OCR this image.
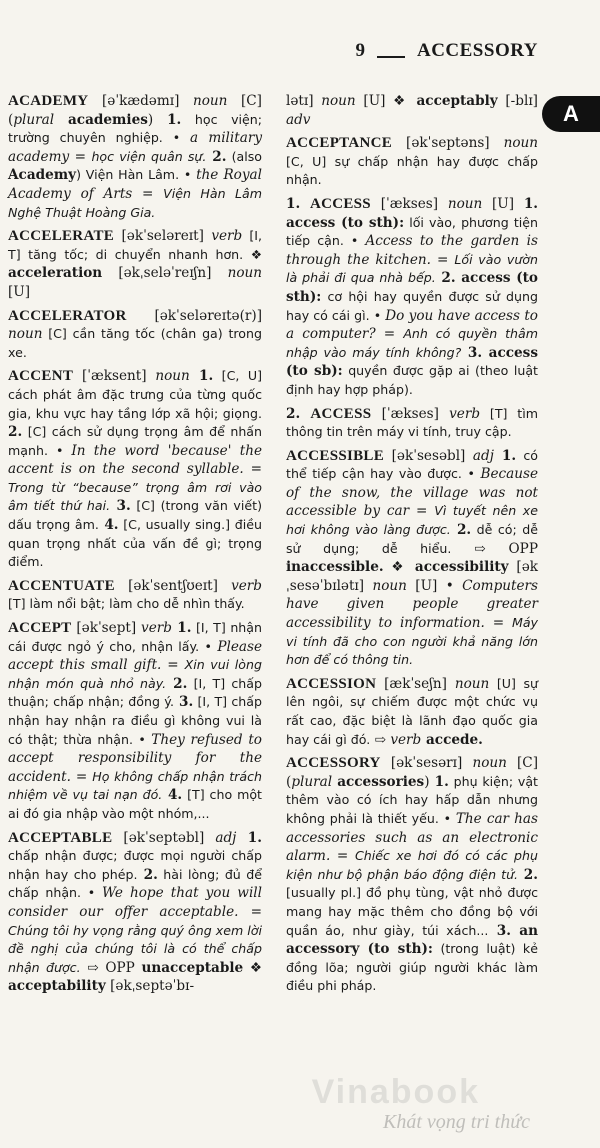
9	ACCESSORY
A
ACADEMY [əˈkædəmɪ] noun [C] (plural academies) 1. học viện; trường chuyên nghiệp. • a military academy = học viện quân sự. 2. (also Academy) Viện Hàn Lâm. • the Royal Academy of Arts = Viện Hàn Lâm Nghệ Thuật Hoàng Gia.
ACCELERATE [əkˈseləreɪt] verb [I, T] tăng tốc; di chuyển nhanh hơn. ❖ acceleration [əkˌseləˈreɪʃn] noun [U]
ACCELERATOR [əkˈseləreɪtə(r)] noun [C] cần tăng tốc (chân ga) trong xe.
ACCENT [ˈæksent] noun 1. [C, U] cách phát âm đặc trưng của từng quốc gia, khu vực hay tầng lớp xã hội; giọng. 2. [C] cách sử dụng trọng âm để nhấn mạnh. • In the word 'because' the accent is on the second syllable. = Trong từ “because” trọng âm rơi vào âm tiết thứ hai. 3. [C] (trong văn viết) dấu trọng âm. 4. [C, usually sing.] điều quan trọng nhất của vấn đề gì; trọng điểm.
ACCENTUATE [əkˈsentʃʊeɪt] verb [T] làm nổi bật; làm cho dễ nhìn thấy.
ACCEPT [əkˈsept] verb 1. [I, T] nhận cái được ngỏ ý cho, nhận lấy. • Please accept this small gift. = Xin vui lòng nhận món quà nhỏ này. 2. [I, T] chấp thuận; chấp nhận; đồng ý. 3. [I, T] chấp nhận hay nhận ra điều gì không vui là có thật; thừa nhận. • They refused to accept responsibility for the accident. = Họ không chấp nhận trách nhiệm về vụ tai nạn đó. 4. [T] cho một ai đó gia nhập vào một nhóm,...
ACCEPTABLE [əkˈseptəbl] adj 1. chấp nhận được; được mọi người chấp nhận hay cho phép. 2. hài lòng; đủ để chấp nhận. • We hope that you will consider our offer acceptable. = Chúng tôi hy vọng rằng quý ông xem lời đề nghị của chúng tôi là có thể chấp nhận được. ⇨ OPP unacceptable ❖ acceptability [əkˌseptəˈbɪ-
lətɪ] noun [U] ❖ acceptably [-blɪ] adv
ACCEPTANCE [əkˈseptəns] noun [C, U] sự chấp nhận hay được chấp nhận.
1. ACCESS [ˈækses] noun [U] 1. access (to sth): lối vào, phương tiện tiếp cận. • Access to the garden is through the kitchen. = Lối vào vườn là phải đi qua nhà bếp. 2. access (to sth): cơ hội hay quyền được sử dụng hay có cái gì. • Do you have access to a computer? = Anh có quyền thâm nhập vào máy tính không? 3. access (to sb): quyền được gặp ai (theo luật định hay hợp pháp).
2. ACCESS [ˈækses] verb [T] tìm thông tin trên máy vi tính, truy cập.
ACCESSIBLE [əkˈsesəbl] adj 1. có thể tiếp cận hay vào được. • Because of the snow, the village was not accessible by car = Vì tuyết nên xe hơi không vào làng được. 2. dễ có; dễ sử dụng; dễ hiểu. ⇨ OPP inaccessible. ❖ accessibility [əkˌsesəˈbɪlətɪ] noun [U] • Computers have given people greater accessibility to information. = Máy vi tính đã cho con người khả năng lớn hơn để có thông tin.
ACCESSION [ækˈseʃn] noun [U] sự lên ngôi, sự chiếm được một chức vụ rất cao, đặc biệt là lãnh đạo quốc gia hay cái gì đó. ⇨ verb accede.
ACCESSORY [əkˈsesərɪ] noun [C] (plural accessories) 1. phụ kiện; vật thêm vào có ích hay hấp dẫn nhưng không phải là thiết yếu. • The car has accessories such as an electronic alarm. = Chiếc xe hơi đó có các phụ kiện như bộ phận báo động điện tử. 2. [usually pl.] đồ phụ tùng, vật nhỏ được mang hay mặc thêm cho đồng bộ với quần áo, như giày, túi xách... 3. an accessory (to sth): (trong luật) kẻ đồng lõa; người giúp người khác làm điều phi pháp.
Vinabook
Khát vọng tri thức
